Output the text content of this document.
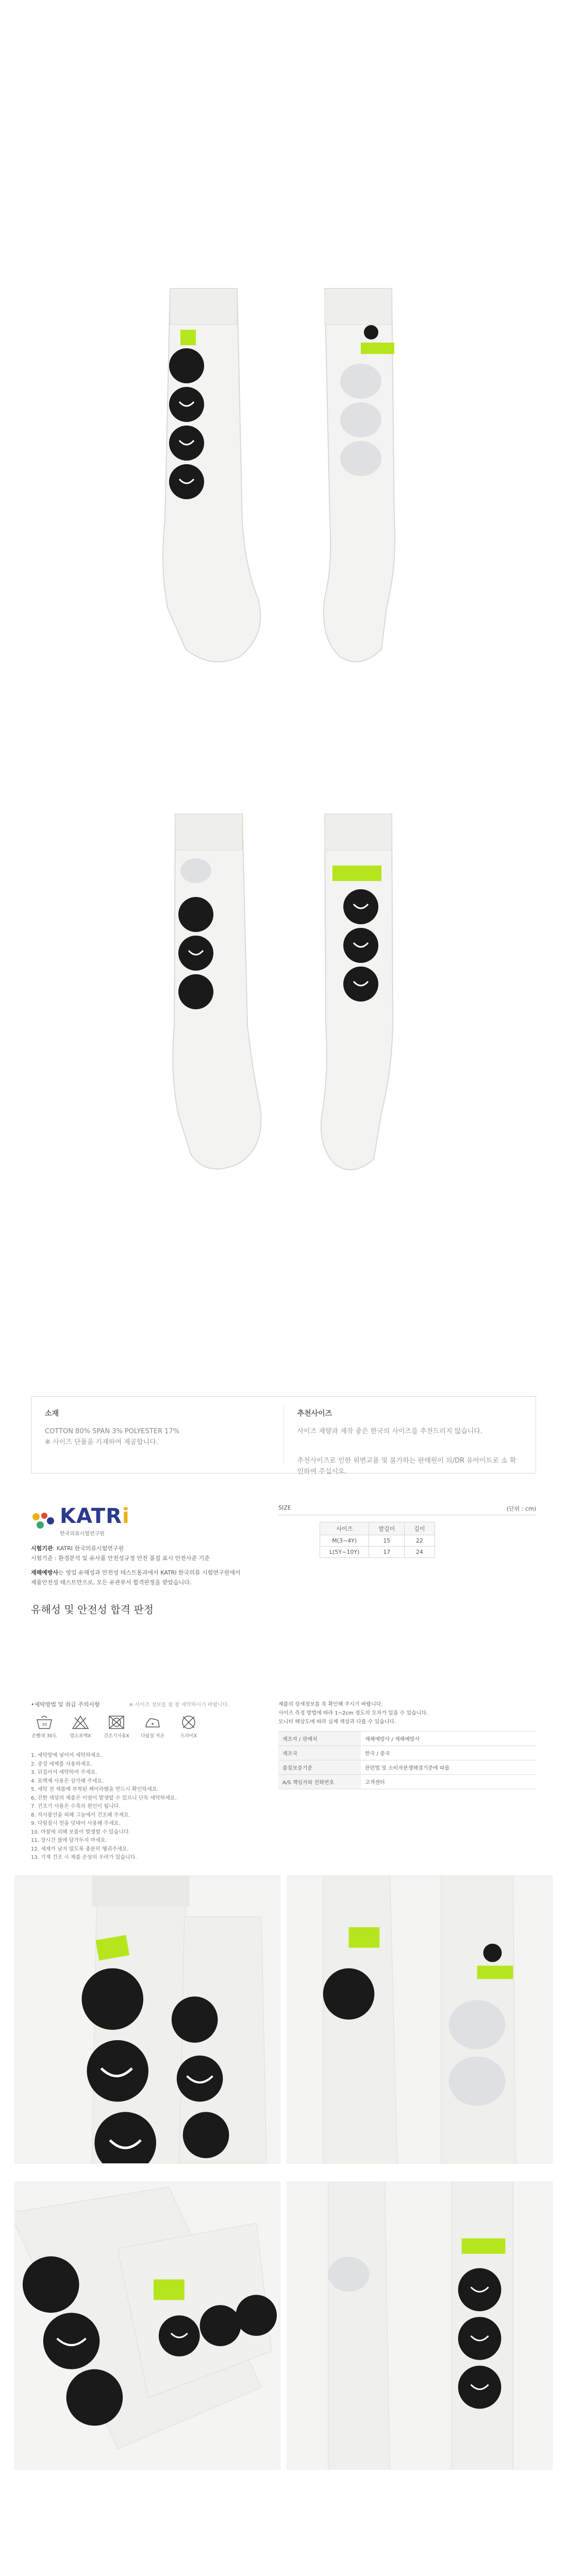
소재
COTTON 80% SPAN 3% POLYESTER 17%
※ 사이즈 단품을 기재하여 제공합니다.
추천사이즈
사이즈 재량과 제작 좋은 한국의 사이즈를 추천드리지 않습니다.
추천사이즈로 인한 위변교품 및 불가하는 판매원이 의/DR 유아이트로 소 확인하여 주십시오.
KATRi
한국의류시험연구원
시험기관: KATRI 한국의류시험연구원
시험기준 : 환경분석 및 유사품 안전성규정 안전 품질 표시 안전사준 기준
재해예방사는 영업 유해성과 안전성 테스트통과에서 KATRI 한국의류 시험연구원에서 제품안전성 테스트만으로, 모든 유관부서 합격판정을 받았습니다.
유해성 및 안전성 합격 판정
SIZE	(단위 : cm)
사이즈	발길이	길이
M(3~4Y)	15	22
L(5Y~10Y)	17	24
•세탁방법 및 취급 주의사항	※ 사이즈 정보를 참 참 세탁하시기 바랍니다.
30
손빨래 30도	염소표백X	건조기사용X	다림질 저온	드라이X
1. 세탁망에 넣어서 세탁하세요.
2. 중성 세제를 사용하세요.
3. 뒤집어서 세탁하여 주세요.
4. 표백제 사용은 삼가해 주세요.
5. 세탁 전 제품에 부착된 케어라벨을 반드시 확인하세요.
6. 진한 색상의 제품은 이염이 발생할 수 있으니 단독 세탁하세요.
7. 건조기 사용은 수축의 원인이 됩니다.
8. 직사광선을 피해 그늘에서 건조해 주세요.
9. 다림질시 천을 덧대어 사용해 주세요.
10. 마찰에 의해 보풀이 발생할 수 있습니다.
11. 장시간 물에 담가두지 마세요.
12. 세제가 남지 않도록 충분히 헹궈주세요.
13. 기계 건조 시 제품 손상의 우려가 있습니다.
제품의 상세정보를 꼭 확인해 주시기 바랍니다.
사이즈 측정 방법에 따라 1~2cm 정도의 오차가 있을 수 있습니다.
모니터 해상도에 따라 실제 색상과 다를 수 있습니다.
제조자 / 판매처	재해예방사 / 재해예방사
제조국	한국 / 중국
품질보증기준	관련법 및 소비자분쟁해결기준에 따름
A/S 책임자와 전화번호	고객센터
